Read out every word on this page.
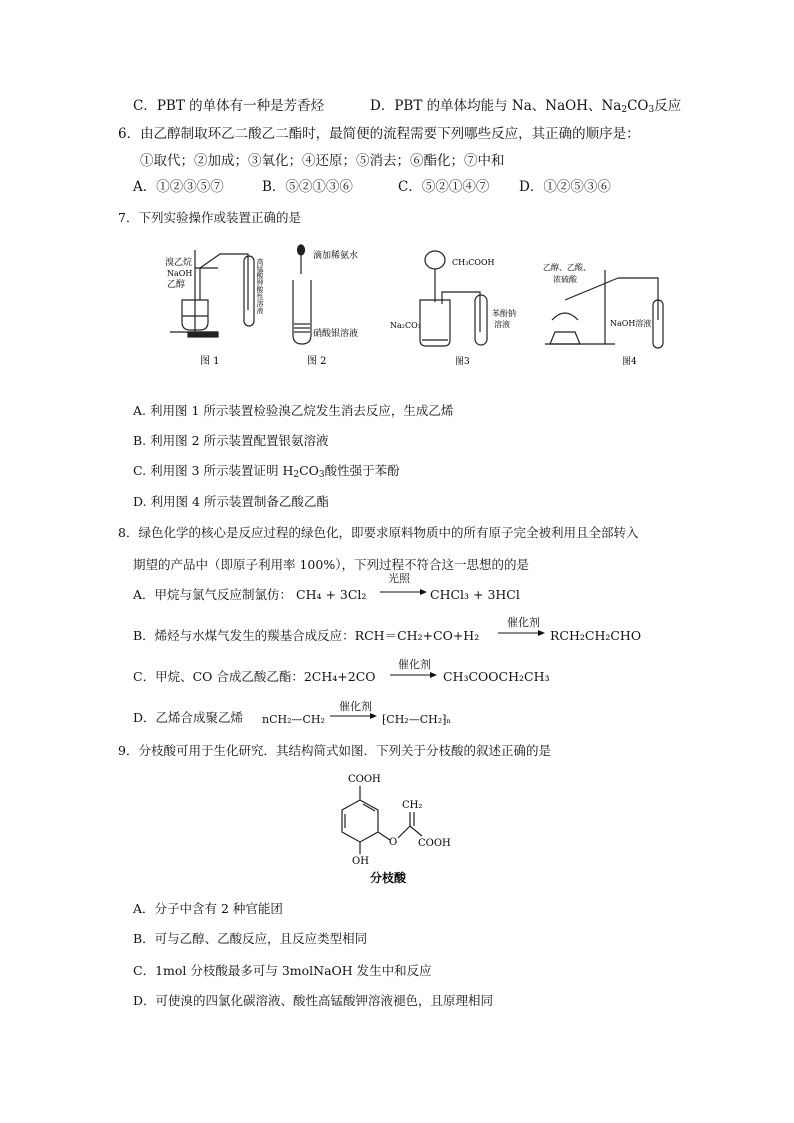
C．PBT 的单体有一种是芳香烃	D．PBT 的单体均能与 Na、NaOH、$Na_2CO_3$反应
6．由乙醇制取环乙二酸乙二酯时，最简便的流程需要下列哪些反应，其正确的顺序是：
①取代；②加成；③氧化；④还原；⑤消去；⑥酯化；⑦中和
A．①②③⑤⑦	B．⑤②①③⑥	C．⑤②①④⑦ D．①②⑤③⑥
7．下列实验操作或装置正确的是
溴乙烷
NaOH
乙醇	高锰酸钾酸性溶液
图 1
滴加稀氨水
硝酸银溶液
图 2
CH₃COOH
Na₂CO₃
苯酚钠
溶液
图3
乙醇、乙酸、
浓硫酸
NaOH溶液
图4
A. 利用图 1 所示装置检验溴乙烷发生消去反应，生成乙烯
B. 利用图 2 所示装置配置银氨溶液
C. 利用图 3 所示装置证明 $H_2CO_3$酸性强于苯酚
D. 利用图 4 所示装置制备乙酸乙酯
8．绿色化学的核心是反应过程的绿色化，即要求原料物质中的所有原子完全被利用且全部转入
期望的产品中（即原子利用率 100%），下列过程不符合这一思想的的是
A．甲烷与氯气反应制氯仿： CH₄ + 3Cl₂
光照
→ CHCl₃ + 3HCl
B．烯烃与水煤气发生的羰基合成反应：RCH＝CH₂+CO+H₂
催化剂
→ RCH₂CH₂CHO
C．甲烷、CO 合成乙酸乙酯：2CH₄+2CO
催化剂
→ CH₃COOCH₂CH₃
D．乙烯合成聚乙烯 nCH₂—CH₂
催化剂
→ ⁅CH₂—CH₂⁆ₙ
9．分枝酸可用于生化研究．其结构简式如图．下列关于分枝酸的叙述正确的是
COOH
CH₂
O COOH
OH
分枝酸
A．分子中含有 2 种官能团
B．可与乙醇、乙酸反应，且反应类型相同
C．1mol 分枝酸最多可与 3molNaOH 发生中和反应
D．可使溴的四氯化碳溶液、酸性高锰酸钾溶液褪色，且原理相同
